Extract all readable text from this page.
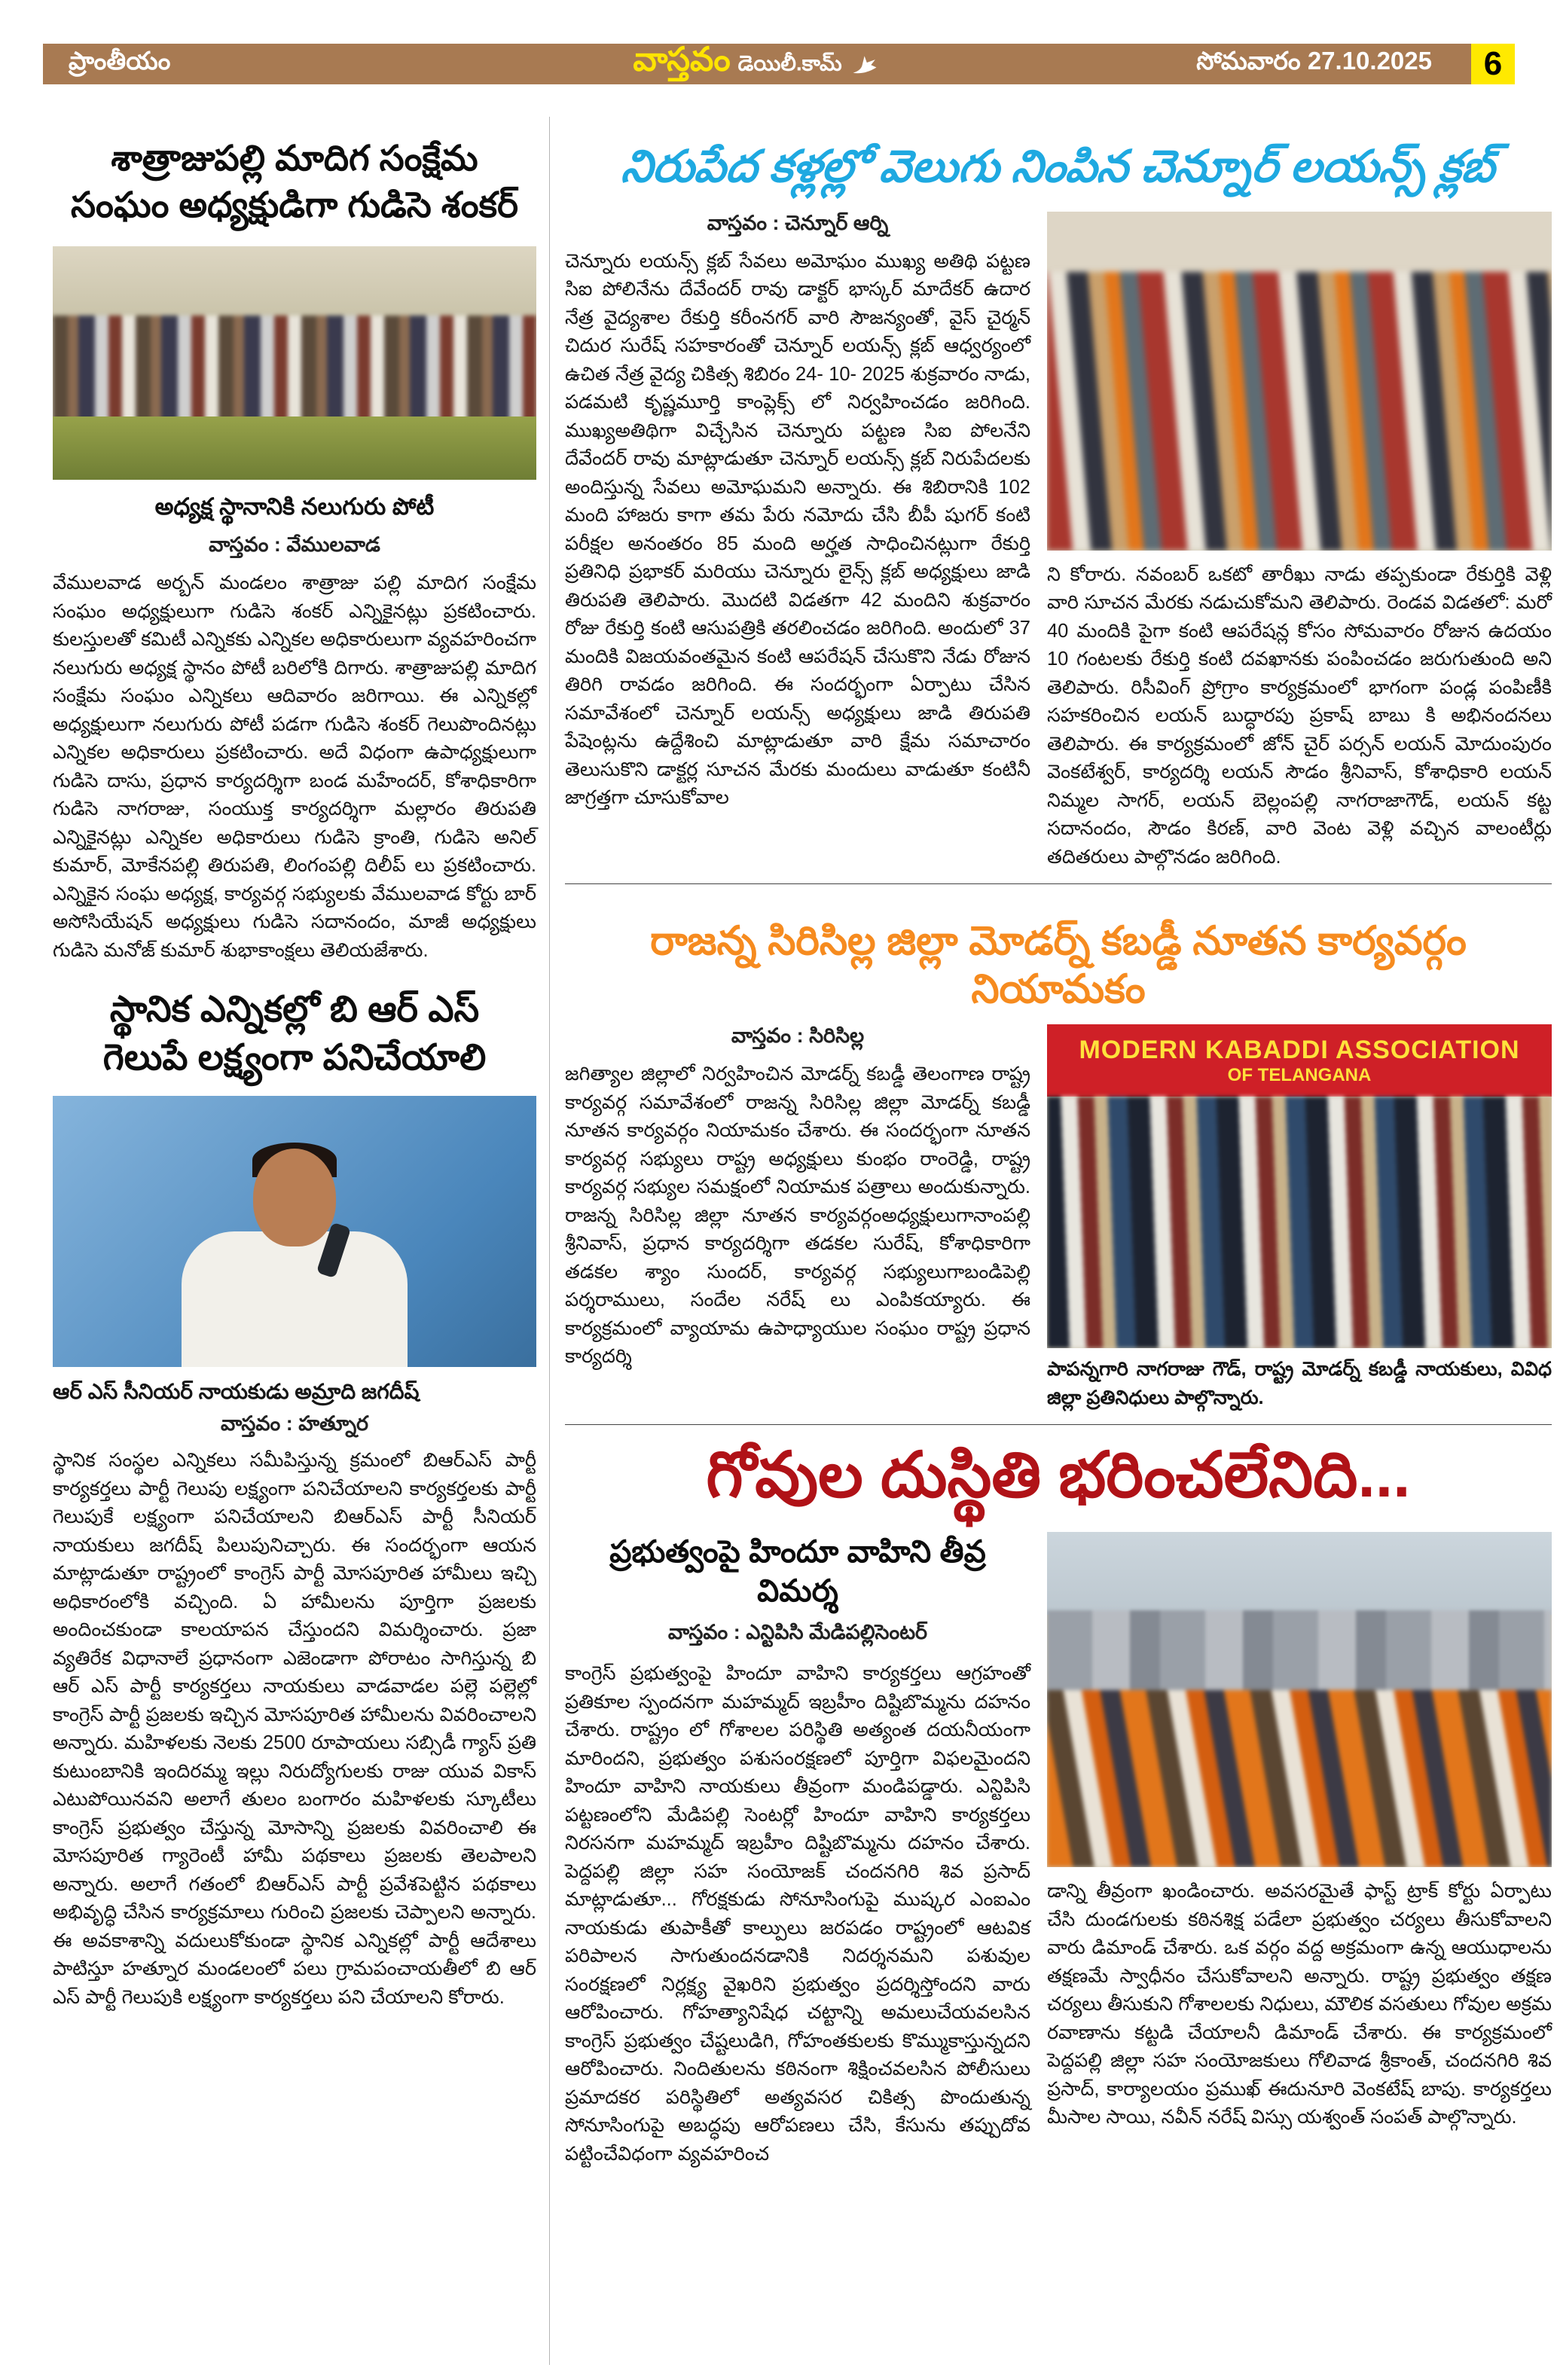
ప్రాంతీయం	వాస్తవం డెయిలీ.కామ్	సోమవారం 27.10.2025	6
శాత్రాజుపల్లి మాదిగ సంక్షేమ
సంఘం అధ్యక్షుడిగా గుడిసె శంకర్
అధ్యక్ష స్థానానికి నలుగురు పోటీ
వాస్తవం : వేములవాడ
వేములవాడ అర్బన్ మండలం శాత్రాజు పల్లి మాదిగ సంక్షేమ సంఘం అధ్యక్షులుగా గుడిసె శంకర్ ఎన్నికైనట్లు ప్రకటించారు. కులస్తులతో కమిటీ ఎన్నికకు ఎన్నికల అధికారులుగా వ్యవహరించగా నలుగురు అధ్యక్ష స్థానం పోటీ బరిలోకి దిగారు. శాత్రాజుపల్లి మాదిగ సంక్షేమ సంఘం ఎన్నికలు ఆదివారం జరిగాయి. ఈ ఎన్నికల్లో అధ్యక్షులుగా నలుగురు పోటీ పడగా గుడిసె శంకర్ గెలుపొందినట్లు ఎన్నికల అధికారులు ప్రకటించారు. అదే విధంగా ఉపాధ్యక్షులుగా గుడిసె దాసు, ప్రధాన కార్యదర్శిగా బండ మహేందర్, కోశాధికారిగా గుడిసె నాగరాజు, సంయుక్త కార్యదర్శిగా మల్లారం తిరుపతి ఎన్నికైనట్లు ఎన్నికల అధికారులు గుడిసె క్రాంతి, గుడిసె అనిల్ కుమార్, మోకేనపల్లి తిరుపతి, లింగంపల్లి దిలీప్ లు ప్రకటించారు. ఎన్నికైన సంఘ అధ్యక్ష, కార్యవర్గ సభ్యులకు వేములవాడ కోర్టు బార్ అసోసియేషన్ అధ్యక్షులు గుడిసె సదానందం, మాజీ అధ్యక్షులు గుడిసె మనోజ్ కుమార్ శుభాకాంక్షలు తెలియజేశారు.
స్థానిక ఎన్నికల్లో బి ఆర్ ఎస్
గెలుపే లక్ష్యంగా పనిచేయాలి
ఆర్ ఎస్ సీనియర్ నాయకుడు అమ్రాది జగదీష్
వాస్తవం : హత్నూర
స్థానిక సంస్థల ఎన్నికలు సమీపిస్తున్న క్రమంలో బిఆర్ఎస్ పార్టీ కార్యకర్తలు పార్టీ గెలుపు లక్ష్యంగా పనిచేయాలని కార్యకర్తలకు పార్టీ గెలుపుకే లక్ష్యంగా పనిచేయాలని బిఆర్ఎస్ పార్టీ సీనియర్ నాయకులు జగదీష్ పిలుపునిచ్చారు. ఈ సందర్భంగా ఆయన మాట్లాడుతూ రాష్ట్రంలో కాంగ్రెస్ పార్టీ మోసపూరిత హామీలు ఇచ్చి అధికారంలోకి వచ్చింది. ఏ హామీలను పూర్తిగా ప్రజలకు అందించకుండా కాలయాపన చేస్తుందని విమర్శించారు. ప్రజా వ్యతిరేక విధానాలే ప్రధానంగా ఎజెండాగా పోరాటం సాగిస్తున్న బి ఆర్ ఎస్ పార్టీ కార్యకర్తలు నాయకులు వాడవాడల పల్లె పల్లెల్లో కాంగ్రెస్ పార్టీ ప్రజలకు ఇచ్చిన మోసపూరిత హామీలను వివరించాలని అన్నారు. మహిళలకు నెలకు 2500 రూపాయలు సబ్సిడీ గ్యాస్ ప్రతి కుటుంబానికి ఇందిరమ్మ ఇల్లు నిరుద్యోగులకు రాజు యువ వికాస్ ఎటుపోయినవని అలాగే తులం బంగారం మహిళలకు స్కూటీలు కాంగ్రెస్ ప్రభుత్వం చేస్తున్న మోసాన్ని ప్రజలకు వివరించాలి ఈ మోసపూరిత గ్యారెంటీ హామీ పథకాలు ప్రజలకు తెలపాలని అన్నారు. అలాగే గతంలో బిఆర్ఎస్ పార్టీ ప్రవేశపెట్టిన పథకాలు అభివృద్ధి చేసిన కార్యక్రమాలు గురించి ప్రజలకు చెప్పాలని అన్నారు. ఈ అవకాశాన్ని వదులుకోకుండా స్థానిక ఎన్నికల్లో పార్టీ ఆదేశాలు పాటిస్తూ హత్నూర మండలంలో పలు గ్రామపంచాయతీలో బి ఆర్ ఎస్ పార్టీ గెలుపుకి లక్ష్యంగా కార్యకర్తలు పని చేయాలని కోరారు.
నిరుపేద కళ్లల్లో వెలుగు నింపిన చెన్నూర్ లయన్స్ క్లబ్
వాస్తవం : చెన్నూర్ ఆర్ని
చెన్నూరు లయన్స్ క్లబ్ సేవలు అమోఘం ముఖ్య అతిథి పట్టణ సిఐ పోలినేను దేవేందర్ రావు డాక్టర్ భాస్కర్ మాదేకర్ ఉదార నేత్ర వైద్యశాల రేకుర్తి కరీంనగర్ వారి సౌజన్యంతో, వైస్ చైర్మన్ చిదుర సురేష్ సహకారంతో చెన్నూర్ లయన్స్ క్లబ్ ఆధ్వర్యంలో ఉచిత నేత్ర వైద్య చికిత్స శిబిరం 24- 10- 2025 శుక్రవారం నాడు, పడమటి కృష్ణమూర్తి కాంప్లెక్స్ లో నిర్వహించడం జరిగింది. ముఖ్యఅతిథిగా విచ్చేసిన చెన్నూరు పట్టణ సిఐ పోలనేని దేవేందర్ రావు మాట్లాడుతూ చెన్నూర్ లయన్స్ క్లబ్ నిరుపేదలకు అందిస్తున్న సేవలు అమోఘమని అన్నారు. ఈ శిబిరానికి 102 మంది హాజరు కాగా తమ పేరు నమోదు చేసి బీపీ షుగర్ కంటి పరీక్షల అనంతరం 85 మంది అర్హత సాధించినట్లుగా రేకుర్తి ప్రతినిధి ప్రభాకర్ మరియు చెన్నూరు లైన్స్ క్లబ్ అధ్యక్షులు జాడి తిరుపతి తెలిపారు. మొదటి విడతగా 42 మందిని శుక్రవారం రోజు రేకుర్తి కంటి ఆసుపత్రికి తరలించడం జరిగింది. అందులో 37 మందికి విజయవంతమైన కంటి ఆపరేషన్ చేసుకొని నేడు రోజున తిరిగి రావడం జరిగింది. ఈ సందర్భంగా ఏర్పాటు చేసిన సమావేశంలో చెన్నూర్ లయన్స్ అధ్యక్షులు జాడి తిరుపతి పేషెంట్లను ఉద్దేశించి మాట్లాడుతూ వారి క్షేమ సమాచారం తెలుసుకొని డాక్టర్ల సూచన మేరకు మందులు వాడుతూ కంటినీ జాగ్రత్తగా చూసుకోవాల
ని కోరారు. నవంబర్ ఒకటో తారీఖు నాడు తప్పకుండా రేకుర్తికి వెళ్లి వారి సూచన మేరకు నడుచుకోమని తెలిపారు. రెండవ విడతలో: మరో 40 మందికి పైగా కంటి ఆపరేషన్ల కోసం సోమవారం రోజున ఉదయం 10 గంటలకు రేకుర్తి కంటి దవఖానకు పంపించడం జరుగుతుంది అని తెలిపారు. రిసీవింగ్ ప్రోగ్రాం కార్యక్రమంలో భాగంగా పండ్ల పంపిణీకి సహకరించిన లయన్ బుద్ధారపు ప్రకాష్ బాబు కి అభినందనలు తెలిపారు. ఈ కార్యక్రమంలో జోన్ చైర్ పర్సన్ లయన్ మోదుంపురం వెంకటేశ్వర్, కార్యదర్శి లయన్ సౌడం శ్రీనివాస్, కోశాధికారి లయన్ నిమ్మల సాగర్, లయన్ బెల్లంపల్లి నాగరాజాగౌడ్, లయన్ కట్ట సదానందం, సౌడం కిరణ్, వారి వెంట వెళ్లి వచ్చిన వాలంటీర్లు తదితరులు పాల్గొనడం జరిగింది.
రాజన్న సిరిసిల్ల జిల్లా మోడర్న్ కబడ్డీ నూతన కార్యవర్గం నియామకం
వాస్తవం : సిరిసిల్ల
జగిత్యాల జిల్లాలో నిర్వహించిన మోడర్న్ కబడ్డీ తెలంగాణ రాష్ట్ర కార్యవర్గ సమావేశంలో రాజన్న సిరిసిల్ల జిల్లా మోడర్న్ కబడ్డీ నూతన కార్యవర్గం నియామకం చేశారు. ఈ సందర్భంగా నూతన కార్యవర్గ సభ్యులు రాష్ట్ర అధ్యక్షులు కుంభం రాంరెడ్డి, రాష్ట్ర కార్యవర్గ సభ్యుల సమక్షంలో నియామక పత్రాలు అందుకున్నారు. రాజన్న సిరిసిల్ల జిల్లా నూతన కార్యవర్గంఅధ్యక్షులుగానాంపల్లి శ్రీనివాస్, ప్రధాన కార్యదర్శిగా తడకల సురేష్, కోశాధికారిగా తడకల శ్యాం సుందర్, కార్యవర్గ సభ్యులుగాబండిపెల్లి పర్శరాములు, సందేల నరేష్ లు ఎంపికయ్యారు. ఈ కార్యక్రమంలో వ్యాయామ ఉపాధ్యాయుల సంఘం రాష్ట్ర ప్రధాన కార్యదర్శి
MODERN KABADDI ASSOCIATION
OF TELANGANA
పాపన్నగారి నాగరాజు గౌడ్, రాష్ట్ర మోడర్న్ కబడ్డీ నాయకులు, వివిధ జిల్లా ప్రతినిధులు పాల్గొన్నారు.
గోవుల దుస్థితి భరించలేనిది...
ప్రభుత్వంపై హిందూ వాహిని తీవ్ర విమర్శ
వాస్తవం : ఎన్టిపిసి మేడిపల్లిసెంటర్
కాంగ్రెస్ ప్రభుత్వంపై హిందూ వాహిని కార్యకర్తలు ఆగ్రహంతో ప్రతికూల స్పందనగా మహమ్మద్ ఇబ్రహీం దిష్టిబొమ్మను దహనం చేశారు. రాష్ట్రం లో గోశాలల పరిస్థితి అత్యంత దయనీయంగా మారిందని, ప్రభుత్వం పశుసంరక్షణలో పూర్తిగా విఫలమైందని హిందూ వాహిని నాయకులు తీవ్రంగా మండిపడ్డారు. ఎన్టిపిసి పట్టణంలోని మేడిపల్లి సెంటర్లో హిందూ వాహిని కార్యకర్తలు నిరసనగా మహమ్మద్ ఇబ్రహీం దిష్టిబొమ్మను దహనం చేశారు. పెద్దపల్లి జిల్లా సహ సంయోజక్ చందనగిరి శివ ప్రసాద్ మాట్లాడుతూ... గోరక్షకుడు సోనూసింగుపై ముష్కర ఎంఐఎం నాయకుడు తుపాకీతో కాల్పులు జరపడం రాష్ట్రంలో ఆటవిక పరిపాలన సాగుతుందనడానికి నిదర్శనమని పశువుల సంరక్షణలో నిర్లక్ష్య వైఖరిని ప్రభుత్వం ప్రదర్శిస్తోందని వారు ఆరోపించారు. గోహత్యానిషేధ చట్టాన్ని అమలుచేయవలసిన కాంగ్రెస్ ప్రభుత్వం చేష్టలుడిగి, గోహంతకులకు కొమ్ముకాస్తున్నదని ఆరోపించారు. నిందితులను కఠినంగా శిక్షించవలసిన పోలీసులు ప్రమాదకర పరిస్థితిలో అత్యవసర చికిత్స పొందుతున్న సోనూసింగుపై అబద్ధపు ఆరోపణలు చేసి, కేసును తప్పుదోవ పట్టించేవిధంగా వ్యవహరించ
డాన్ని తీవ్రంగా ఖండించారు. అవసరమైతే ఫాస్ట్ ట్రాక్ కోర్టు ఏర్పాటు చేసి దుండగులకు కఠినశిక్ష పడేలా ప్రభుత్వం చర్యలు తీసుకోవాలని వారు డిమాండ్ చేశారు. ఒక వర్గం వద్ద అక్రమంగా ఉన్న ఆయుధాలను తక్షణమే స్వాధీనం చేసుకోవాలని అన్నారు. రాష్ట్ర ప్రభుత్వం తక్షణ చర్యలు తీసుకుని గోశాలలకు నిధులు, మౌలిక వసతులు గోవుల అక్రమ రవాణాను కట్టడి చేయాలనీ డిమాండ్ చేశారు. ఈ కార్యక్రమంలో పెద్దపల్లి జిల్లా సహ సంయోజకులు గోలివాడ శ్రీకాంత్, చందనగిరి శివ ప్రసాద్, కార్యాలయం ప్రముఖ్ ఈదునూరి వెంకటేష్ బాపు. కార్యకర్తలు మీసాల సాయి, నవీన్ నరేష్ విస్సు యశ్వంత్ సంపత్ పాల్గొన్నారు.
